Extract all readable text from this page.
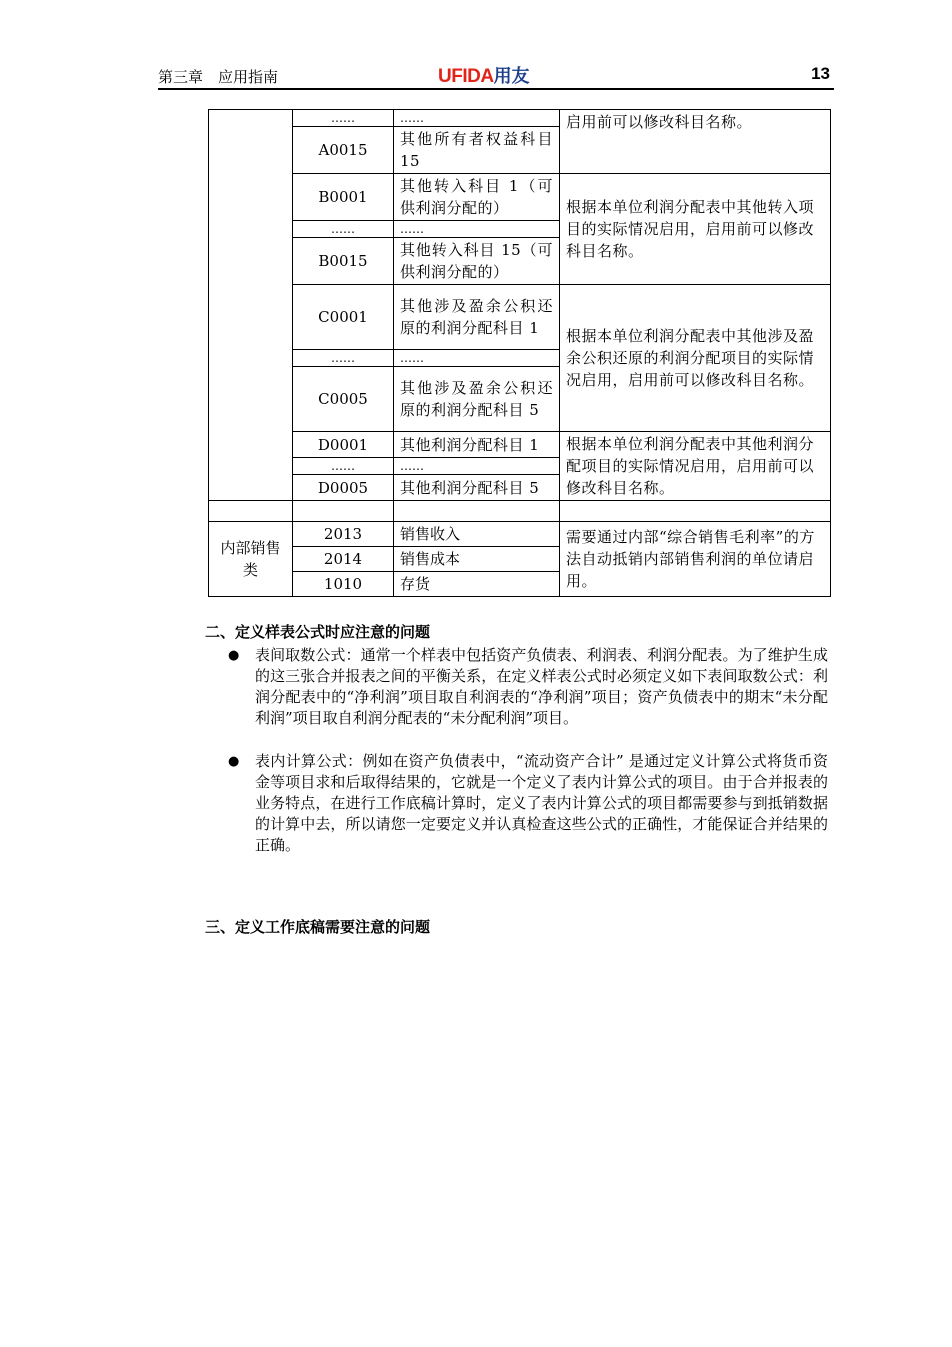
第三章　应用指南	UFIDA用友	13
	……	……	启用前可以修改科目名称。
	A0015	其他所有者权益科目 15	
	B0001	其他转入科目 1（可供利润分配的）	根据本单位利润分配表中其他转入项目的实际情况启用，启用前可以修改科目名称。
	……	……	
	B0015	其他转入科目 15（可供利润分配的）	
	C0001	其他涉及盈余公积还原的利润分配科目 1	根据本单位利润分配表中其他涉及盈余公积还原的利润分配项目的实际情况启用，启用前可以修改科目名称。
	……	……	
	C0005	其他涉及盈余公积还原的利润分配科目 5	
	D0001	其他利润分配科目 1	根据本单位利润分配表中其他利润分配项目的实际情况启用，启用前可以修改科目名称。
	……	……	
	D0005	其他利润分配科目 5	

内部销售类	2013	销售收入	需要通过内部“综合销售毛利率”的方法自动抵销内部销售利润的单位请启用。
	2014	销售成本	
	1010	存货	
二、定义样表公式时应注意的问题
● 表间取数公式：通常一个样表中包括资产负债表、利润表、利润分配表。为了维护生成的这三张合并报表之间的平衡关系，在定义样表公式时必须定义如下表间取数公式：利润分配表中的“净利润”项目取自利润表的“净利润”项目；资产负债表中的期末“未分配利润”项目取自利润分配表的“未分配利润”项目。
● 表内计算公式：例如在资产负债表中，“流动资产合计” 是通过定义计算公式将货币资金等项目求和后取得结果的，它就是一个定义了表内计算公式的项目。由于合并报表的业务特点，在进行工作底稿计算时，定义了表内计算公式的项目都需要参与到抵销数据的计算中去，所以请您一定要定义并认真检查这些公式的正确性，才能保证合并结果的正确。
三、定义工作底稿需要注意的问题
